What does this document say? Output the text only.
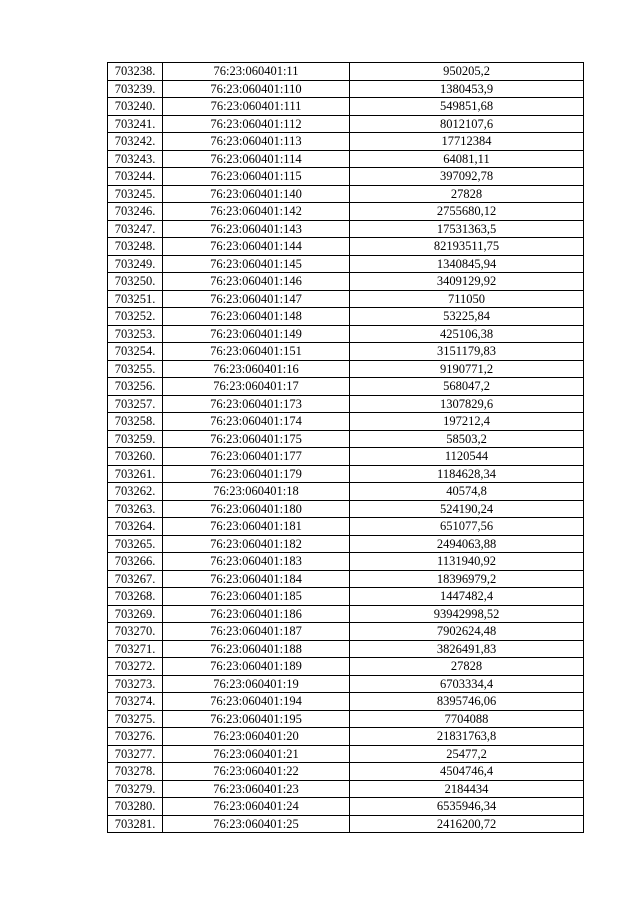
703238.	76:23:060401:11	950205,2
703239.	76:23:060401:110	1380453,9
703240.	76:23:060401:111	549851,68
703241.	76:23:060401:112	8012107,6
703242.	76:23:060401:113	17712384
703243.	76:23:060401:114	64081,11
703244.	76:23:060401:115	397092,78
703245.	76:23:060401:140	27828
703246.	76:23:060401:142	2755680,12
703247.	76:23:060401:143	17531363,5
703248.	76:23:060401:144	82193511,75
703249.	76:23:060401:145	1340845,94
703250.	76:23:060401:146	3409129,92
703251.	76:23:060401:147	711050
703252.	76:23:060401:148	53225,84
703253.	76:23:060401:149	425106,38
703254.	76:23:060401:151	3151179,83
703255.	76:23:060401:16	9190771,2
703256.	76:23:060401:17	568047,2
703257.	76:23:060401:173	1307829,6
703258.	76:23:060401:174	197212,4
703259.	76:23:060401:175	58503,2
703260.	76:23:060401:177	1120544
703261.	76:23:060401:179	1184628,34
703262.	76:23:060401:18	40574,8
703263.	76:23:060401:180	524190,24
703264.	76:23:060401:181	651077,56
703265.	76:23:060401:182	2494063,88
703266.	76:23:060401:183	1131940,92
703267.	76:23:060401:184	18396979,2
703268.	76:23:060401:185	1447482,4
703269.	76:23:060401:186	93942998,52
703270.	76:23:060401:187	7902624,48
703271.	76:23:060401:188	3826491,83
703272.	76:23:060401:189	27828
703273.	76:23:060401:19	6703334,4
703274.	76:23:060401:194	8395746,06
703275.	76:23:060401:195	7704088
703276.	76:23:060401:20	21831763,8
703277.	76:23:060401:21	25477,2
703278.	76:23:060401:22	4504746,4
703279.	76:23:060401:23	2184434
703280.	76:23:060401:24	6535946,34
703281.	76:23:060401:25	2416200,72
